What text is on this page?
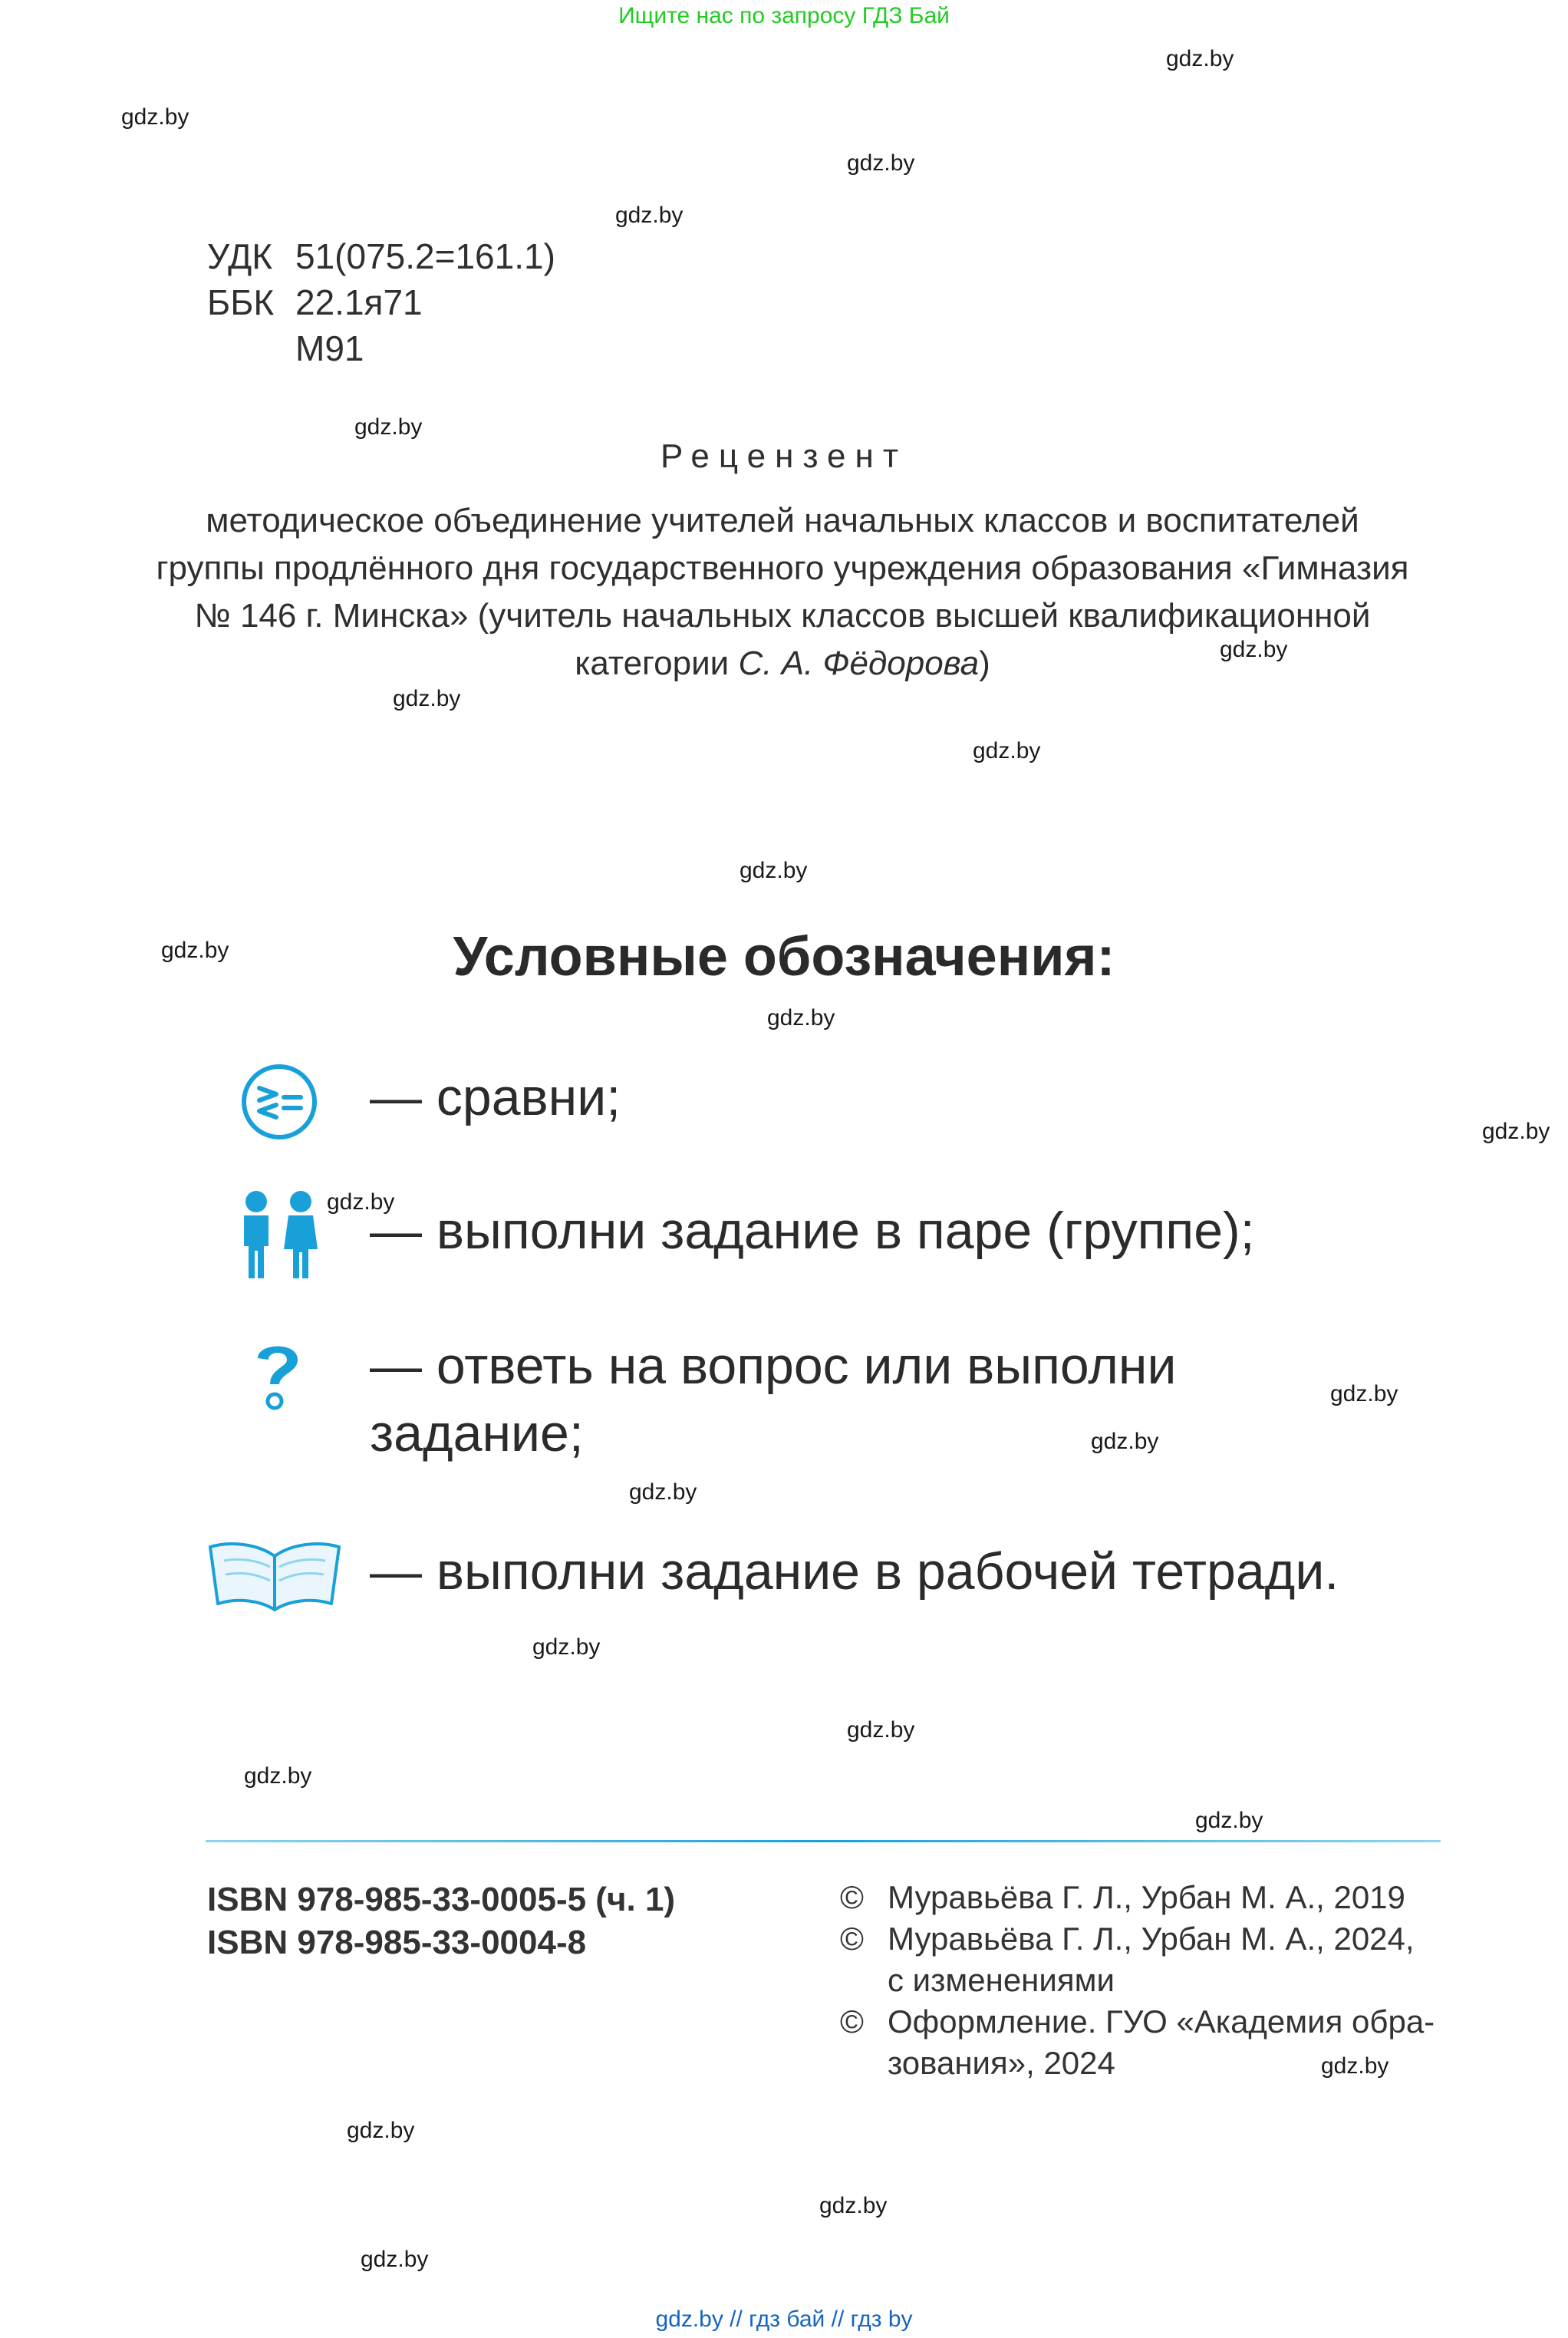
Ищите нас по запросу ГДЗ Бай
gdz.by
gdz.by
gdz.by
gdz.by
gdz.by
gdz.by
gdz.by
gdz.by
gdz.by
gdz.by
gdz.by
gdz.by
gdz.by
gdz.by
gdz.by
gdz.by
gdz.by
gdz.by
gdz.by
gdz.by
gdz.by
gdz.by
gdz.by
gdz.by
УДК 51(075.2=161.1)
ББК 22.1я71
М91
Рецензент
методическое объединение учителей начальных классов и воспитателей группы продлённого дня государственного учреждения образования «Гимназия № 146 г. Минска» (учитель начальных классов высшей квалификационной категории С. А. Фёдорова)
Условные обозначения:
— сравни;
— выполни задание в паре (группе);
— ответь на вопрос или выполни задание;
— выполни задание в рабочей тетради.
ISBN 978-985-33-0005-5 (ч. 1)
ISBN 978-985-33-0004-8
© Муравьёва Г. Л., Урбан М. А., 2019
© Муравьёва Г. Л., Урбан М. А., 2024,
с изменениями
© Оформление. ГУО «Академия обра-
зования», 2024
gdz.by // гдз бай // гдз by
